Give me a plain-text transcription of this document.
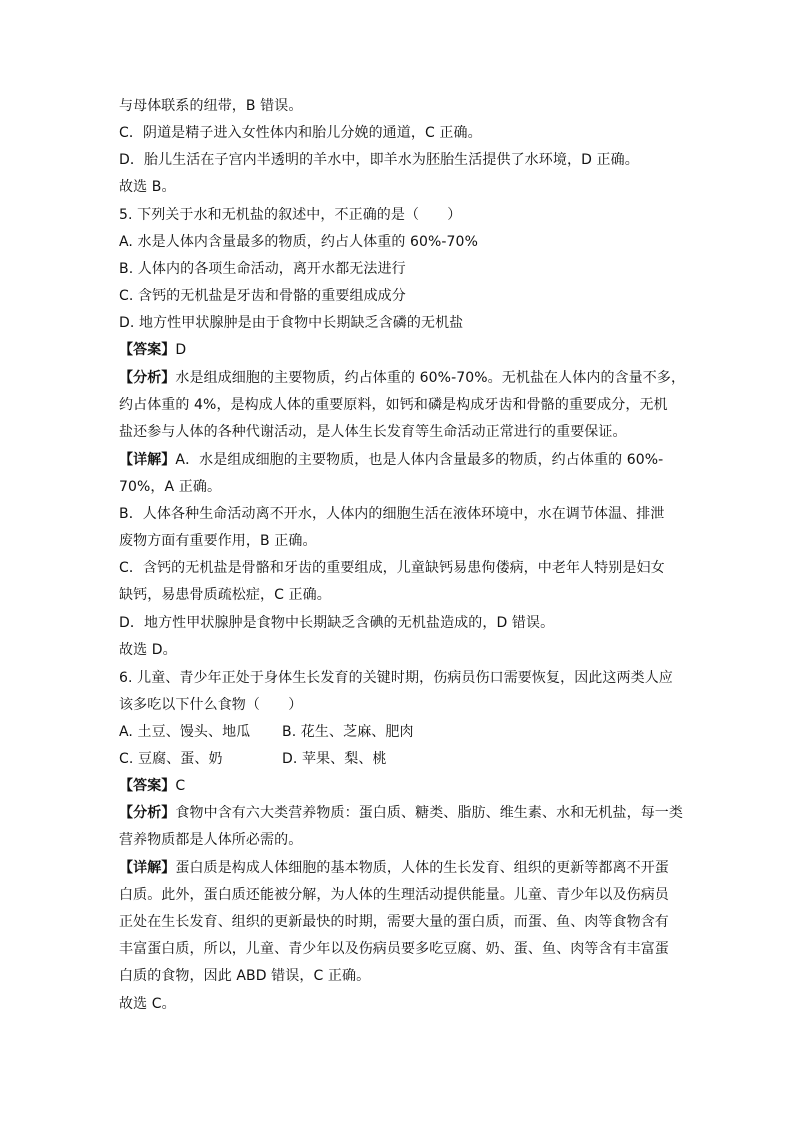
与母体联系的纽带，B 错误。
C．阴道是精子进入女性体内和胎儿分娩的通道，C 正确。
D．胎儿生活在子宫内半透明的羊水中，即羊水为胚胎生活提供了水环境，D 正确。
故选 B。
5. 下列关于水和无机盐的叙述中，不正确的是（　　）
A. 水是人体内含量最多的物质，约占人体重的 60%-70%
B. 人体内的各项生命活动，离开水都无法进行
C. 含钙的无机盐是牙齿和骨骼的重要组成成分
D. 地方性甲状腺肿是由于食物中长期缺乏含磷的无机盐
【答案】D
【分析】水是组成细胞的主要物质，约占体重的 60%-70%。无机盐在人体内的含量不多，
约占体重的 4%，是构成人体的重要原料，如钙和磷是构成牙齿和骨骼的重要成分，无机
盐还参与人体的各种代谢活动，是人体生长发育等生命活动正常进行的重要保证。
【详解】A．水是组成细胞的主要物质，也是人体内含量最多的物质，约占体重的 60%-
70%，A 正确。
B．人体各种生命活动离不开水，人体内的细胞生活在液体环境中，水在调节体温、排泄
废物方面有重要作用，B 正确。
C．含钙的无机盐是骨骼和牙齿的重要组成，儿童缺钙易患佝偻病，中老年人特别是妇女
缺钙，易患骨质疏松症，C 正确。
D．地方性甲状腺肿是食物中长期缺乏含碘的无机盐造成的，D 错误。
故选 D。
6. 儿童、青少年正处于身体生长发育的关键时期，伤病员伤口需要恢复，因此这两类人应
该多吃以下什么食物（　　）
A. 土豆、馒头、地瓜 B. 花生、芝麻、肥肉
C. 豆腐、蛋、奶	D. 苹果、梨、桃
【答案】C
【分析】食物中含有六大类营养物质：蛋白质、糖类、脂肪、维生素、水和无机盐，每一类
营养物质都是人体所必需的。
【详解】蛋白质是构成人体细胞的基本物质，人体的生长发育、组织的更新等都离不开蛋
白质。此外，蛋白质还能被分解，为人体的生理活动提供能量。儿童、青少年以及伤病员
正处在生长发育、组织的更新最快的时期，需要大量的蛋白质，而蛋、鱼、肉等食物含有
丰富蛋白质，所以，儿童、青少年以及伤病员要多吃豆腐、奶、蛋、鱼、肉等含有丰富蛋
白质的食物，因此 ABD 错误，C 正确。
故选 C。
